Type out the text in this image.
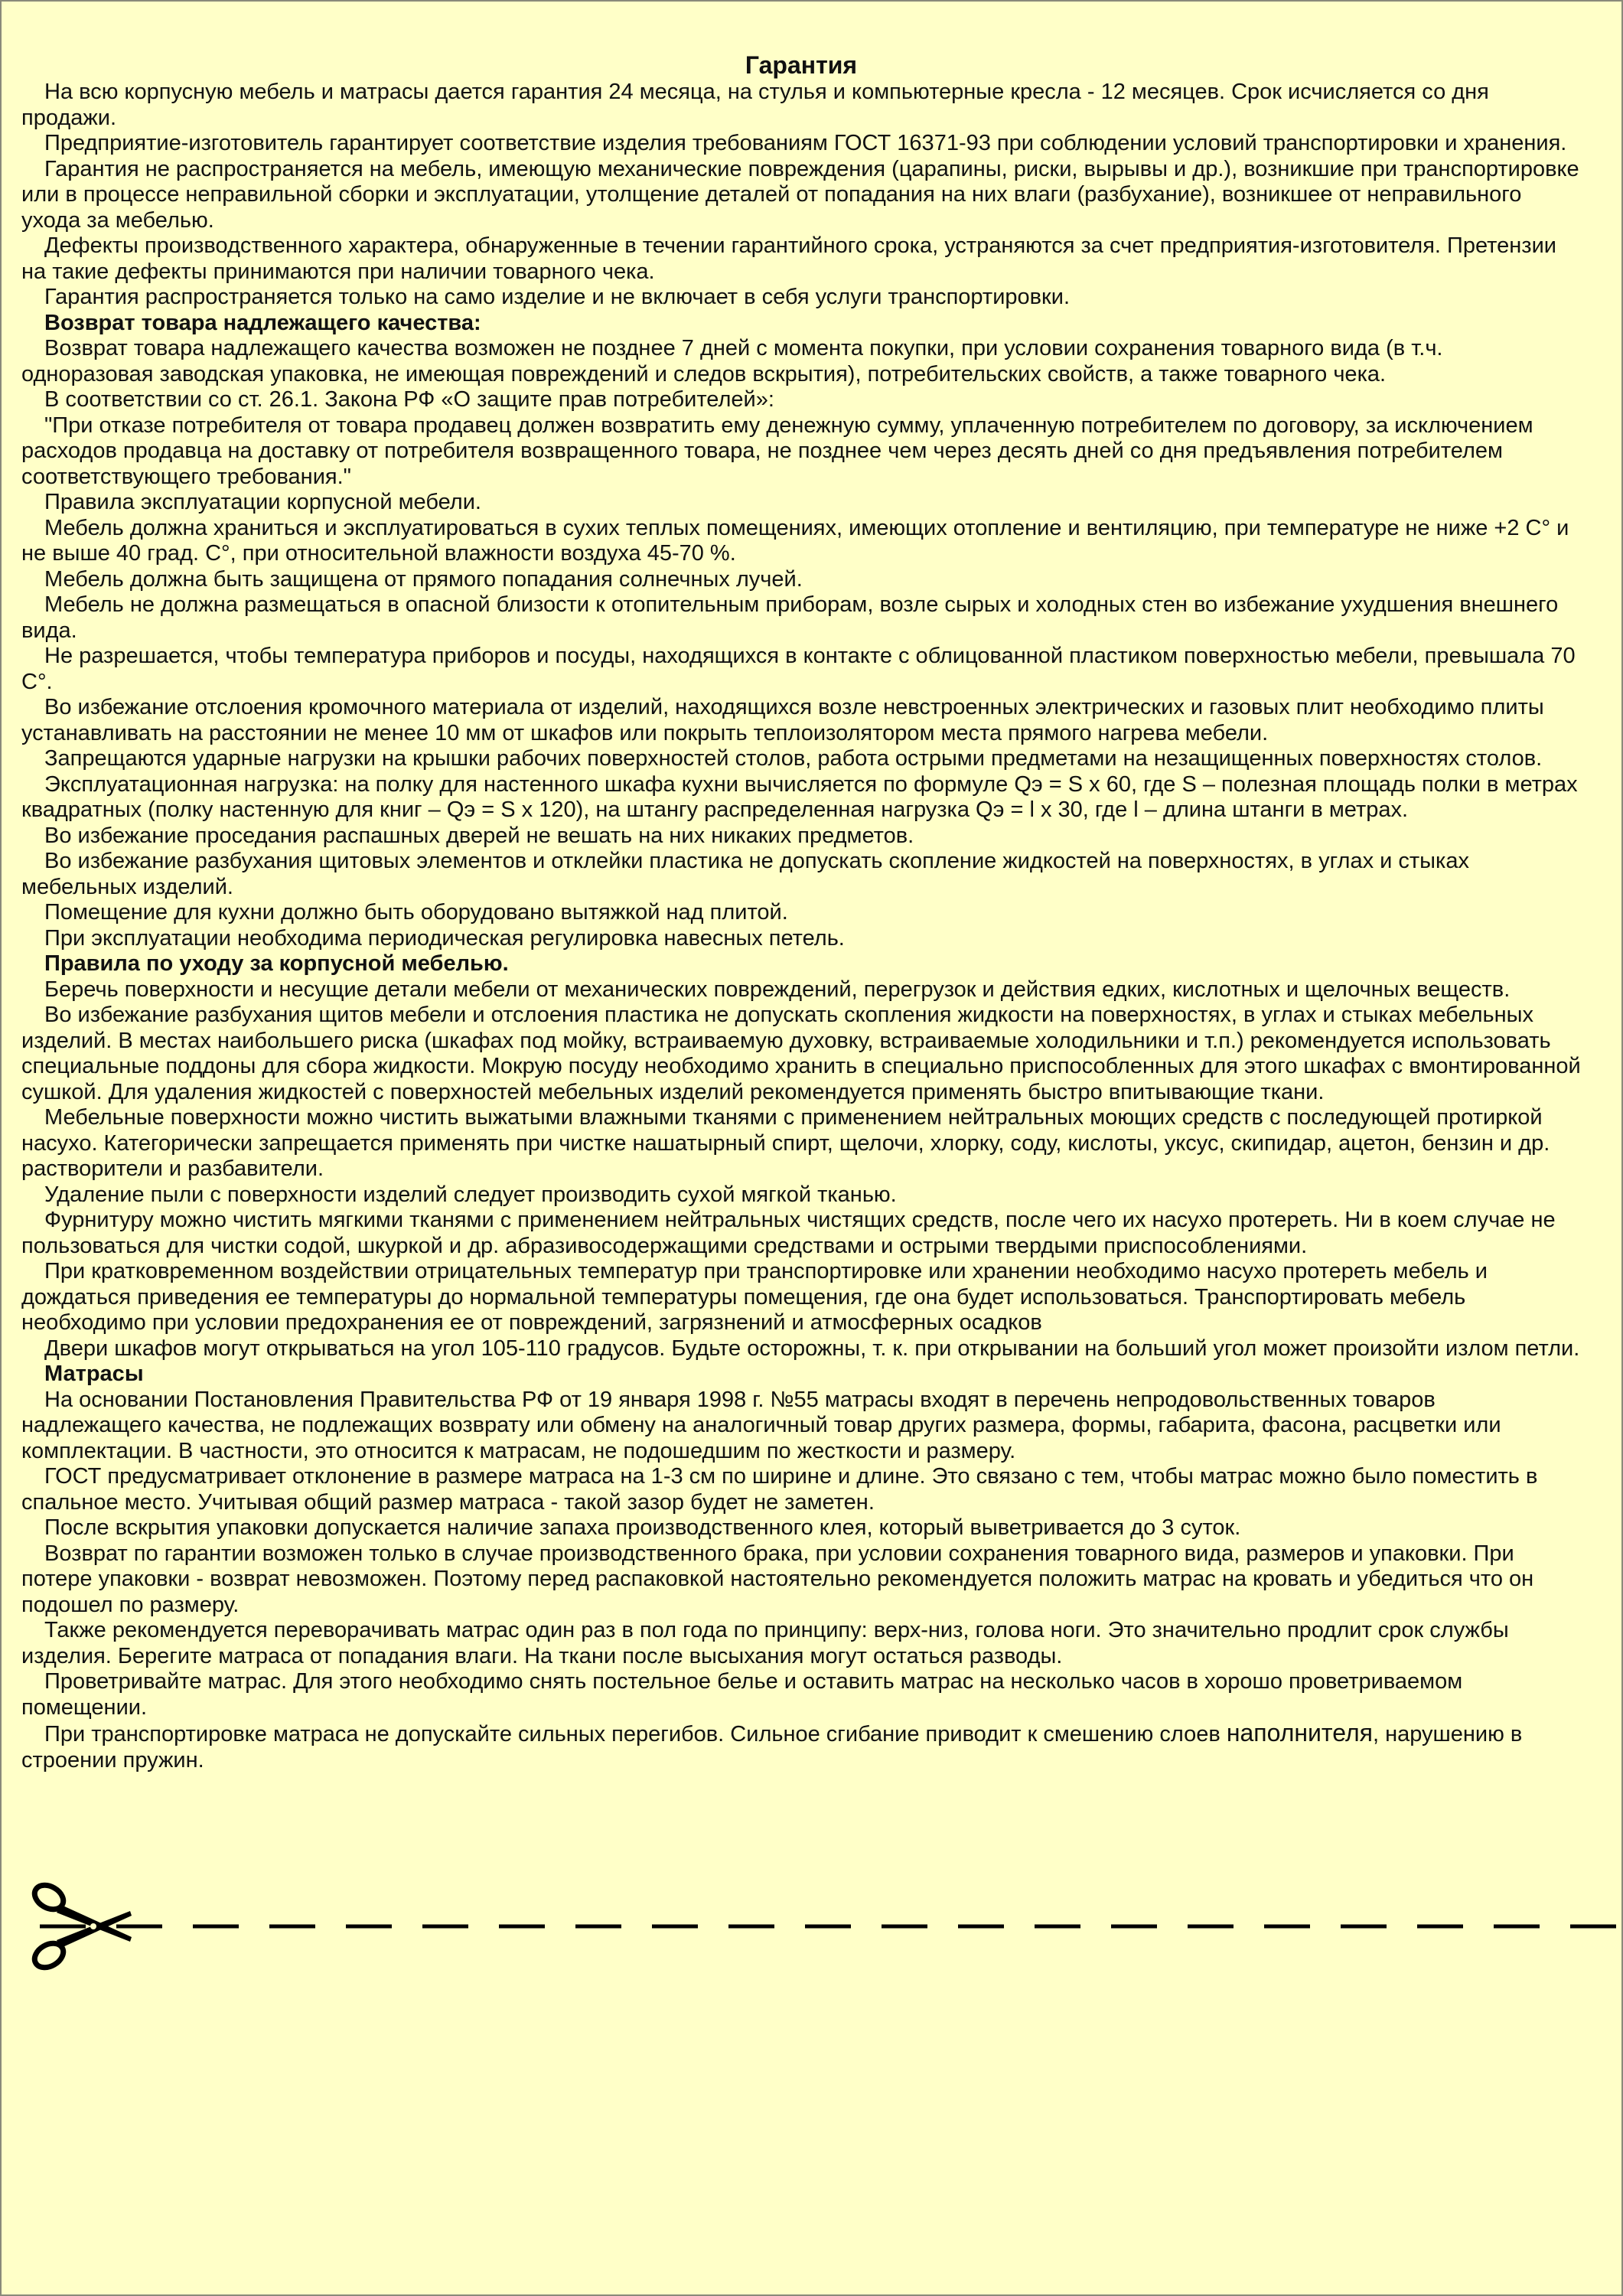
Гарантия

На всю корпусную мебель и матрасы дается гарантия 24 месяца, на стулья и компьютерные кресла - 12 месяцев. Срок исчисляется со дня продажи.

Предприятие-изготовитель гарантирует соответствие изделия требованиям ГОСТ 16371-93 при соблюдении условий транспортировки и хранения.

Гарантия не распространяется на мебель, имеющую механические повреждения (царапины, риски, вырывы и др.), возникшие при транспортировке или в процессе неправильной сборки и эксплуатации, утолщение деталей от попадания на них влаги (разбухание), возникшее от неправильного ухода за мебелью.

Дефекты производственного характера, обнаруженные в течении гарантийного срока, устраняются за счет предприятия-изготовителя. Претензии на такие дефекты принимаются при наличии товарного чека.

Гарантия распространяется только на само изделие и не включает в себя услуги транспортировки.

Возврат товара надлежащего качества:

Возврат товара надлежащего качества возможен не позднее 7 дней с момента покупки, при условии сохранения товарного вида (в т.ч. одноразовая заводская упаковка, не имеющая повреждений и следов вскрытия), потребительских свойств, а также товарного чека.

В соответствии со ст. 26.1. Закона РФ «О защите прав потребителей»:

"При отказе потребителя от товара продавец должен возвратить ему денежную сумму, уплаченную потребителем по договору, за исключением расходов продавца на доставку от потребителя возвращенного товара, не позднее чем через десять дней со дня предъявления потребителем соответствующего требования."

Правила эксплуатации корпусной мебели.

Мебель должна храниться и эксплуатироваться в сухих теплых помещениях, имеющих отопление и вентиляцию, при температуре не ниже +2 С° и не выше 40 град. С°, при относительной влажности воздуха 45-70 %.

Мебель должна быть защищена от прямого попадания солнечных лучей.

Мебель не должна размещаться в опасной близости к отопительным приборам, возле сырых и холодных стен во избежание ухудшения внешнего вида.

Не разрешается, чтобы температура приборов и посуды, находящихся в контакте с облицованной пластиком поверхностью мебели, превышала 70 С°.

Во избежание отслоения кромочного материала от изделий, находящихся возле невстроенных электрических и газовых плит необходимо плиты устанавливать на расстоянии не менее 10 мм от шкафов или покрыть теплоизолятором места прямого нагрева мебели.

Запрещаются ударные нагрузки на крышки рабочих поверхностей столов, работа острыми предметами на незащищенных поверхностях столов.

Эксплуатационная нагрузка: на полку для настенного шкафа кухни вычисляется по формуле Qэ = S x 60, где S – полезная площадь полки в метрах квадратных (полку настенную для книг – Qэ = S x 120), на штангу распределенная нагрузка Qэ = l x 30, где l – длина штанги в метрах.

Во избежание проседания распашных дверей не вешать на них никаких предметов.

Во избежание разбухания щитовых элементов и отклейки пластика не допускать скопление жидкостей на поверхностях, в углах и стыках мебельных изделий.

Помещение для кухни должно быть оборудовано вытяжкой над плитой.

При эксплуатации необходима периодическая регулировка навесных петель.

Правила по уходу за корпусной мебелью.

Беречь поверхности и несущие детали мебели от механических повреждений, перегрузок и действия едких, кислотных и щелочных веществ.

Во избежание разбухания щитов мебели и отслоения пластика не допускать скопления жидкости на поверхностях, в углах и стыках мебельных изделий. В местах наибольшего риска (шкафах под мойку, встраиваемую духовку, встраиваемые холодильники и т.п.) рекомендуется использовать специальные поддоны для сбора жидкости. Мокрую посуду необходимо хранить в специально приспособленных для этого шкафах с вмонтированной сушкой. Для удаления жидкостей с поверхностей мебельных изделий рекомендуется применять быстро впитывающие ткани.

Мебельные поверхности можно чистить выжатыми влажными тканями с применением нейтральных моющих средств с последующей протиркой насухо. Категорически запрещается применять при чистке нашатырный спирт, щелочи, хлорку, соду, кислоты, уксус, скипидар, ацетон, бензин и др. растворители и разбавители.

Удаление пыли с поверхности изделий следует производить сухой мягкой тканью.

Фурнитуру можно чистить мягкими тканями с применением нейтральных чистящих средств, после чего их насухо протереть. Ни в коем случае не пользоваться для чистки содой, шкуркой и др. абразивосодержащими средствами и острыми твердыми приспособлениями.

При кратковременном воздействии отрицательных температур при транспортировке или хранении необходимо насухо протереть мебель и дождаться приведения ее температуры до нормальной температуры помещения, где она будет использоваться. Транспортировать мебель необходимо при условии предохранения ее от повреждений, загрязнений и атмосферных осадков

Двери шкафов могут открываться на угол 105-110 градусов. Будьте осторожны, т. к. при открывании на больший угол может произойти излом петли.

Матрасы

На основании Постановления Правительства РФ от 19 января 1998 г. №55 матрасы входят в перечень непродовольственных товаров надлежащего качества, не подлежащих возврату или обмену на аналогичный товар других размера, формы, габарита, фасона, расцветки или комплектации. В частности, это относится к матрасам, не подошедшим по жесткости и размеру.

ГОСТ предусматривает отклонение в размере матраса на 1-3 см по ширине и длине. Это связано с тем, чтобы матрас можно было поместить в спальное место. Учитывая общий размер матраса - такой зазор будет не заметен.

После вскрытия упаковки допускается наличие запаха производственного клея, который выветривается до 3 суток.

Возврат по гарантии возможен только в случае производственного брака, при условии сохранения товарного вида, размеров и упаковки. При потере упаковки - возврат невозможен. Поэтому перед распаковкой настоятельно рекомендуется положить матрас на кровать и убедиться что он подошел по размеру.

Также рекомендуется переворачивать матрас один раз в пол года по принципу: верх-низ, голова ноги. Это значительно продлит срок службы изделия. Берегите матраса от попадания влаги. На ткани после высыхания могут остаться разводы.

Проветривайте матрас. Для этого необходимо снять постельное белье и оставить матрас на несколько часов в хорошо проветриваемом помещении.

При транспортировке матраса не допускайте сильных перегибов. Сильное сгибание приводит к смешению слоев наполнителя, нарушению в строении пружин.
